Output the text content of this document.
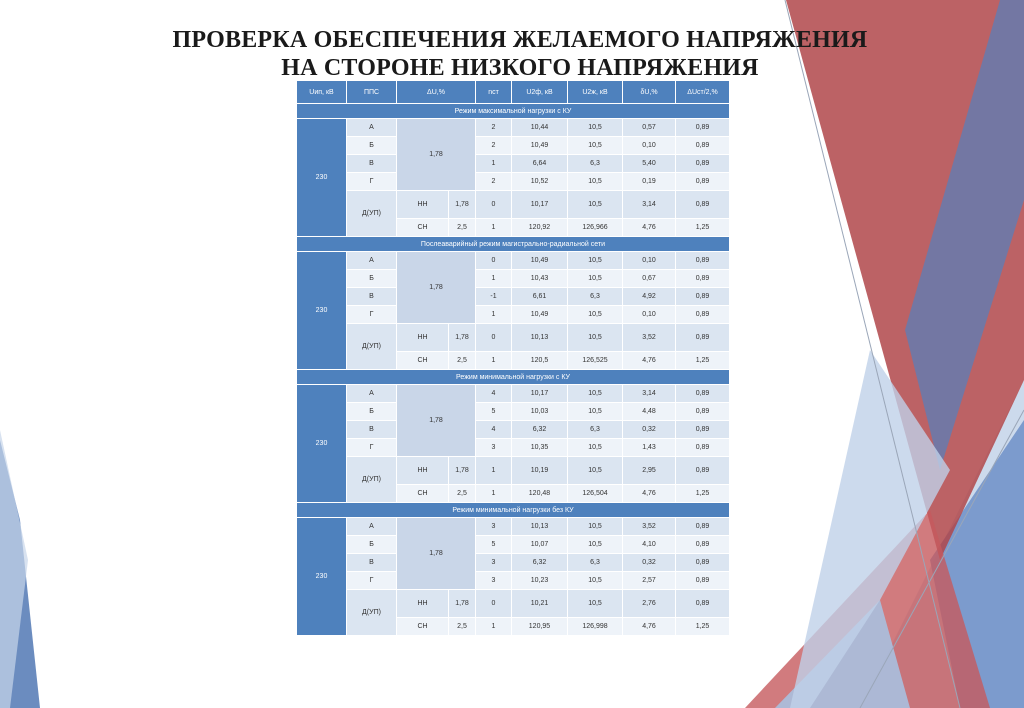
ПРОВЕРКА ОБЕСПЕЧЕНИЯ ЖЕЛАЕМОГО НАПРЯЖЕНИЯ
НА СТОРОНЕ НИЗКОГО НАПРЯЖЕНИЯ
Uип, кВ	ППС	ΔU,%		nст	U2ф, кВ	U2ж, кВ	δU,%	ΔUст/2,%
Режим максимальной нагрузки с КУ								
230	А	1,78		2	10,44	10,5	0,57	0,89
	Б			2	10,49	10,5	0,10	0,89
	В			1	6,64	6,3	5,40	0,89
	Г			2	10,52	10,5	0,19	0,89
	Д(УП)	НН	1,78	0	10,17	10,5	3,14	0,89
		СН	2,5	1	120,92	126,966	4,76	1,25
Послеаварийный режим магистрально-радиальной сети								
230	А	1,78		0	10,49	10,5	0,10	0,89
	Б			1	10,43	10,5	0,67	0,89
	В			-1	6,61	6,3	4,92	0,89
	Г			1	10,49	10,5	0,10	0,89
	Д(УП)	НН	1,78	0	10,13	10,5	3,52	0,89
		СН	2,5	1	120,5	126,525	4,76	1,25
Режим минимальной нагрузки с КУ								
230	А	1,78		4	10,17	10,5	3,14	0,89
	Б			5	10,03	10,5	4,48	0,89
	В			4	6,32	6,3	0,32	0,89
	Г			3	10,35	10,5	1,43	0,89
	Д(УП)	НН	1,78	1	10,19	10,5	2,95	0,89
		СН	2,5	1	120,48	126,504	4,76	1,25
Режим минимальной нагрузки без КУ								
230	А	1,78		3	10,13	10,5	3,52	0,89
	Б			5	10,07	10,5	4,10	0,89
	В			3	6,32	6,3	0,32	0,89
	Г			3	10,23	10,5	2,57	0,89
	Д(УП)	НН	1,78	0	10,21	10,5	2,76	0,89
		СН	2,5	1	120,95	126,998	4,76	1,25
